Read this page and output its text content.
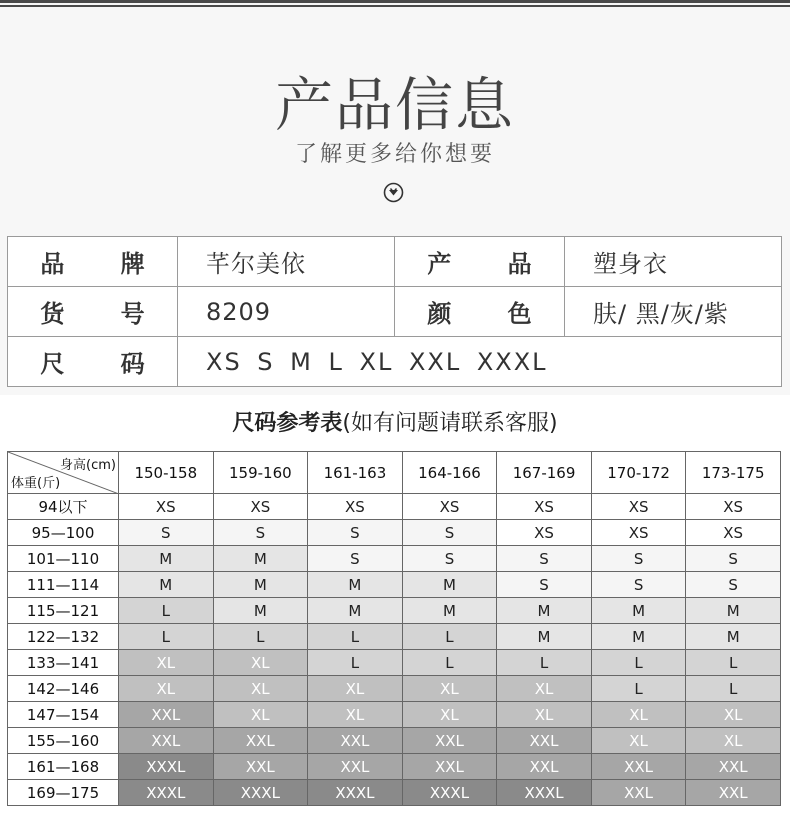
产品信息
了解更多给你想要
品 牌	芊尔美依	产 品	塑身衣
货 号	8209	颜 色	肤/ 黑/灰/紫
尺 码	XS S M L XL XXL XXXL		
尺码参考表(如有问题请联系客服)
身高(cm)
体重(斤)	150-158	159-160	161-163	164-166	167-169	170-172	173-175
94以下	XS	XS	XS	XS	XS	XS	XS
95—100	S	S	S	S	XS	XS	XS
101—110	M	M	S	S	S	S	S
111—114	M	M	M	M	S	S	S
115—121	L	M	M	M	M	M	M
122—132	L	L	L	L	M	M	M
133—141	XL	XL	L	L	L	L	L
142—146	XL	XL	XL	XL	XL	L	L
147—154	XXL	XL	XL	XL	XL	XL	XL
155—160	XXL	XXL	XXL	XXL	XXL	XL	XL
161—168	XXXL	XXL	XXL	XXL	XXL	XXL	XXL
169—175	XXXL	XXXL	XXXL	XXXL	XXXL	XXL	XXL
